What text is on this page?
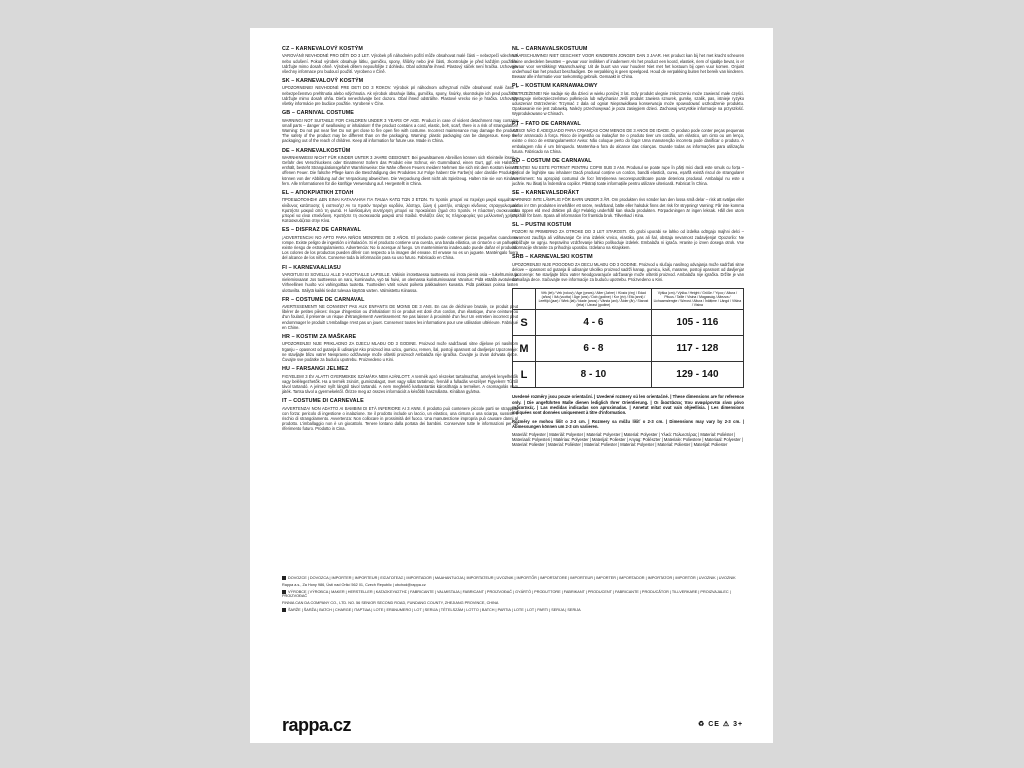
CZ – KARNEVALOVÝ KOSTÝM

VAROVÁNÍ! NEVHODNÉ PRO DĚTI DO 3 LET. Výrobek při náhodném požití může obsahovat malé části – nebezpečí vdechnutí nebo udušení. Pokud výrobek obsahuje látku, gumičku, spony, šňůrky nebo jiné části, zkontrolujte je před každým použitím. Udržujte mimo dosah ohně. Výrobek dětem nepouštějte z dohledu. Obal odstraňte ihned. Plastový sáček není hračka. Uchovejte všechny informace pro budoucí použití. Vyrobeno v Číně.

SK – KARNEVALOVÝ KOSTÝM

UPOZORNENIE! NEVHODNÉ PRE DETI DO 3 ROKOV. Výrobok pri náhodnom odhryznutí môže obsahovať malé časti – nebezpečenstvo prehltnutia alebo vdýchnutia. Ak výrobok obsahuje látku, gumičku, spony, šnúrky, skontrolujte ich pred použitím. Udržujte mimo dosah ohňa. Dieťa nenechávajte bez dozoru. Obal ihneď odstráňte. Plastové vrecko nie je hračka. Uchovajte všetky informácie pre budúce použitie. Vyrobené v Číne.

GB – CARNIVAL COSTUME

WARNING! NOT SUITABLE FOR CHILDREN UNDER 3 YEARS OF AGE. Product in case of violent detachment may contains small parts – danger of swallowing or inhalation! If the product contains a cord, elastic, belt, scarf, there is a risk of strangulation! Warning: Do not put near fire! Do not get close to fire open fire with costume. Incorrect maintenance may damage the product! The safety of the product may be different than on the packaging. Warning: plastic packaging can be dangerous. Keep the packaging out of the reach of children. Keep all information for future use. Made in China.

DE – KARNEVALKOSTÜM

WARNHINWEIS! NICHT FÜR KINDER UNTER 3 JAHRE GEEIGNET. Bei gewaltsamem Abreißen können sich Kleinteile lösen – Gefahr des Verschluckens oder Einatmens! Sofern das Produkt eine Schnur, ein Gummiband, einen Gurt, ggf. ein Halstuch enthält, besteht Strangulationsgefahr! Warnhinweise: Die Nähe offenen Feuers meiden! Nehmen Sie sich mit dem Kostüm keinem offenen Feuer. Die falsche Pflege kann die Beschädigung des Produktes zur Folge haben! Die Farbe(n) oder das/die Produkt(e) können von der Abbildung auf der Verpackung abweichen. Die Verpackung dient nicht als Spielzeug. Halten Sie sie von Kindern fern. Alle Informationen für die künftige Verwendung auf. Hergestellt in China.

EL – ΑΠΟΚΡΙΑΤΙΚΗ ΣΤΟΛΗ

ΠΡΟΕΙΔΟΠΟΙΗΣΗ! ΔΕΝ ΕΙΝΑΙ ΚΑΤΑΛΛΗΛΗ ΓΙΑ ΠΑΙΔΙΑ ΚΑΤΩ ΤΩΝ 3 ΕΤΩΝ. Το προϊόν μπορεί να περιέχει μικρά κομμάτια – κίνδυνος κατάποσης ή εισπνοής! Αν το προϊόν περιέχει κορδόνι, λάστιχο, ζώνη ή μαντήλι, υπάρχει κίνδυνος στραγγαλισμού! Κρατήστε μακριά από τη φωτιά. Η λανθασμένη συντήρηση μπορεί να προκαλέσει ζημιά στο προϊόν. Η πλαστική συσκευασία μπορεί να είναι επικίνδυνη. Κρατήστε τη συσκευασία μακριά από παιδιά. Φυλάξτε όλες τις πληροφορίες για μελλοντική χρήση. Κατασκευάζεται στην Κίνα.

ES – DISFRAZ DE CARNAVAL

¡ADVERTENCIA! NO APTO PARA NIÑOS MENORES DE 3 AÑOS. El producto puede contener piezas pequeñas cuando se rompe. Existe peligro de ingestión o inhalación. Si el producto contiene una cuerda, una banda elástica, un cinturón o un pañuelo, existe riesgo de estrangulamiento. Advertencia: No lo acerque al fuego. Un mantenimiento inadecuado puede dañar el producto. Los colores de los productos pueden diferir con respecto a la imagen del envase. El envase no es un juguete. Manténgalo fuera del alcance de los niños. Conserve toda la información para su uso futuro. Fabricado en China.

FI – KARNEVAALIASU

VAROITUS! EI SOVELLU ALLE 3-VUOTIAILLE LAPSILLE. Väkisin irrotettaessa tuotteesta voi irrota pieniä osia – tukehtumis- ja nielemisvaara! Jos tuotteessa on naru, kuminauha, vyö tai huivi, on olemassa kuristumisvaara! Varoitus: Pidä etäällä avotulesta! Virheellinen huolto voi vahingoittaa tuotetta. Tuotteiden värit voivat poiketa pakkauksen kuvasta. Pidä pakkaus poissa lasten ulottuvilta. Säilytä kaikki tiedot tulevaa käyttöä varten. Valmistettu Kiinassa.

FR – COSTUME DE CARNAVAL

AVERTISSEMENT! NE CONVIENT PAS AUX ENFANTS DE MOINS DE 3 ANS. En cas de déchirure brutale, ce produit peut libérer de petites pièces: risque d'ingestion ou d'inhalation! Si ce produit est doté d'un cordon, d'un élastique, d'une ceinture ou d'un foulard, il présente un risque d'étranglement! Avertissement: Ne pas laisser à proximité d'un feu! Un entretien incorrect peut endommager le produit! L'emballage n'est pas un jouet. Conservez toutes les informations pour une utilisation ultérieure. Fabriqué en Chine.

HR – KOSTIM ZA MAŠKARE

UPOZORENJE! NIJE PRIKLADNO ZA DJECU MLAĐU OD 3 GODINE. Proizvod može sadržavati sitne dijelove pri nasilnom trganju – opasnost od gutanja ili udisanja! Ako proizvod ima uzicu, gumicu, remen, šal, postoji opasnost od davljenja! Upozorenje: ne stavljajte blizu vatre! Neispravno održavanje može oštetiti proizvod! Ambalaža nije igračka. Čuvajte ju izvan dohvata djece. Čuvajte sve podatke za buduću upotrebu. Proizvedeno u Kini.

HU – FARSANGI JELMEZ

FIGYELEM! 3 ÉV ALATTI GYERMEKEK SZÁMÁRA NEM AJÁNLOTT. A termék apró részeket tartalmazhat, amelyek lenyelhetők vagy belélegezhetők. Ha a termék zsinórt, gumiszalagot, övet vagy sálat tartalmaz, fennáll a fulladás veszélye! Figyelem! Tűztől távol tartandó. A jelmez nyílt lángtól távol tartandó. A nem megfelelő karbantartás károsíthatja a terméket. A csomagolás nem játék. Tartsa távol a gyermekektől. Őrizze meg az összes információt a későbbi használatra. Kínában gyártva.

IT – COSTUME DI CARNEVALE

AVVERTENZA! NON ADATTO AI BAMBINI DI ETÀ INFERIORE AI 3 ANNI. Il prodotto può contenere piccole parti se strappato con forza: pericolo di ingestione o inalazione. Se il prodotto include un laccio, un elastico, una cintura o una sciarpa, sussiste il rischio di strangolamento. Avvertenza: Non collocare in prossimità del fuoco. Una manutenzione impropria può causare danni al prodotto. L'imballaggio non è un giocattolo. Tenere lontano dalla portata dei bambini. Conservare tutte le informazioni per un riferimento futuro. Prodotto in Cina.

NL – CARNAVALSKOSTUUM

WAARSCHUWING! NIET GESCHIKT VOOR KINDEREN JONGER DAN 3 JAAR. Het product kan bij het met kracht scheuren kleine onderdelen bevatten – gevaar voor inslikken of inademen! Als het product een koord, elastiek, riem of sjaaltje bevat, is er gevaar voor verstikking! Waarschuwing: Uit de buurt van vuur houden! Niet met het kostuum bij open vuur komen. Onjuist onderhoud kan het product beschadigen. De verpakking is geen speelgoed. Houd de verpakking buiten het bereik van kinderen. Bewaar alle informatie voor toekomstig gebruik. Gemaakt in China.

PL – KOSTIUM KARNAWAŁOWY

OSTRZEŻENIE! Nie nadaje się dla dzieci w wieku poniżej 3 lat. Gdy produkt ulegnie zniszczeniu może zawierać małe części. Wystąpuje niebezpieczeństwo połknięcia lub wdychania! Jeśli produkt zawiera sznurek, gumkę, szalik, pas, istnieje ryzyko uduszenia! Ostrzeżenie: Trzymać z dala od ognia! Nieprawidłowa konserwacja może spowodować uszkodzenie produktu. Opakowanie nie jest zabawką. Należy przechowywać je poza zasięgiem dzieci. Zachowaj wszystkie informacje na przyszłość. Wyprodukowano w Chinach.

PT – FATO DE CARNAVAL

AVISO! NÃO É ADEQUADO PARA CRIANÇAS COM MENOS DE 3 ANOS DE IDADE. O produto pode conter peças pequenas se for arrancado à força. Risco de ingestão ou inalação! Se o produto tiver um cordão, um elástico, um cinto ou um lenço, existe o risco de estrangulamento! Aviso: Não coloque perto do fogo! Uma manutenção incorreta pode danificar o produto. A embalagem não é um brinquedo. Mantenha-a fora do alcance das crianças. Guarde todas as informações para utilização futura. Fabricado na China.

RO – COSTUM DE CARNAVAL

ATENȚIE! NU ESTE POTRIVIT PENTRU COPIII SUB 3 ANI. Produsul se poate rupe în părți mici dacă este smuls cu forța – pericol de înghițire sau inhalare! Dacă produsul conține un cordon, bandă elastică, curea, eșarfă există riscul de strangulare! Avertisment: Nu apropiați costumul de foc! Întreținerea necorespunzătoare poate deteriora produsul. Ambalajul nu este o jucărie. Nu lăsați la îndemâna copiilor. Păstrați toate informațiile pentru utilizare ulterioară. Fabricat în China.

SE – KARNEVALSDRÄKT

VARNING! INTE LÄMPLIG FÖR BARN UNDER 3 ÅR. Om produkten rivs sönder kan den lossa små delar – risk att sväljas eller andas in! Om produkten innehåller ett snöre, resårband, bälte eller halsduk finns det risk för strypning! Varning: Får inte komma nära öppen eld med dräkten på dig! Felaktig underhåll kan skada produkten. Förpackningen är ingen leksak. Håll den utom räckhåll för barn. Spara all information för framtida bruk. Tillverkad i Kina.

SL – PUSTNI KOSTUM

POZOR! NI PRIMERNO ZA OTROKE DO 3 LET STAROSTI. Ob grobi uporabi se lahko od izdelka odtrgajo majhni delci – nevarnost zaužitja ali vdihavanja! Če ima izdelek vrvico, elastiko, pas ali šal, obstaja nevarnost zadavljenja! Opozorilo: Ne približujte se ognju. Nepravilno vzdrževanje lahko poškoduje izdelek. Embalaža ni igrača. Hranite jo izven dosega otrok. Vse informacije shranite za prihodnjo uporabo. Izdelano na Kitajskem.

SRB – KARNEVALSKI KOSTIM

UPOZORENJE! NIJE POGODNO ZA DECU MLAĐU OD 3 GODINE. Proizvod u slučaju nasilnog odvajanja može sadržati sitne delove – opasnost od gutanja ili udisanja! Ukoliko proizvod sadrži kanap, gumicu, kaiš, marame, postoji opasnost od davljenja! Upozorenje: Ne stavljajte blizu vatre! Neodgovarajuće održavanje može oštetiti proizvod. Ambalaža nije igračka. Držite je van domašaja dece. Sačuvajte sve informacije za buduću upotrebu. Proizvedeno u Kini.

	Věk (let) / Vek (rokov) / Age (years) / Alter (Jahre) / Ηλικία (έτη) / Edad (años) / Ikä (vuotta) / Âge (ans) / Dob (godine) / Kor (év) / Età (anni) / Leeftijd (jaar) / Wiek (lat) / Idade (anos) / Vârsta (ani) / Ålder (år) / Starost (leta) / Uzrast (godine)	Výška (cm) / Výška / Height / Größe / Ύψος / Altura / Pituus / Taille / Visina / Magasság / Altezza / Lichaamslengte / Wzrost / Altura / Înălțime / Längd / Višina / Visina
S	4 - 6	105 - 116
M	6 - 8	117 - 128
L	8 - 10	129 - 140

Uvedené rozměry jsou pouze orientační. | Uvedené rozmery sú len orientačné. | These dimensions are for reference only. | Die angeführten Maße dienen lediglich Ihrer Orientierung. | Οι διαστάσεις που αναφέρονται είναι μόνο ενδεικτικές. | Las medidas indicadas son aproximadas. | Annetut mitat ovat vain ohjeellisia. | Les dimensions indiquées sont données uniquement à titre d'information.

Rozměry se mohou lišit o 2-3 cm. | Rozmery sa môžu líšiť o 2-3 cm. | Dimensions may vary by 2-3 cm. | Abmessungen können um 2-3 cm variieren.

Materiál: Polyester | Materiál: Polyester | Material: Polyester | Material: Polyester | Υλικό: Πολυεστέρας | Material: Poliéster | Materiaali: Polyesteri | Matériau: Polyester | Materijal: Poliester | Anyag: Poliészter | Materiale: Poliestere | Materiaal: Polyester | Materiał: Poliester | Material: Poliéster | Material: Poliester | Material: Polyester | Material: Poliester | Materijal: Poliester
DOVOZCE | DOVOZCA | IMPORTER | IMPORTEUR | ΕΙΣΑΓΩΓΕΑΣ | IMPORTADOR | MAAHANTUOJA | IMPORTATEUR | UVOZNIK | IMPORTŐR | IMPORTATORE | IMPORTEUR | IMPORTER | IMPORTADOR | IMPORTATOR | IMPORTÖR | UVOZNIK | UVOZNIK
Rappa a.s., Za Hony 986, Ústí nad Orlicí 562 01, Czech Republic | obchod@rappa.cz
VÝROBCE | VÝROBCA | MAKER | HERSTELLER | ΚΑΤΑΣΚΕΥΑΣΤΗΣ | FABRICANTE | VALMISTAJA | FABRICANT | PROIZVOĐAČ | GYÁRTÓ | PRODUTTORE | FABRIKANT | PRODUCENT | FABRICANTE | PRODUCĂTOR | TILLVERKARE | PROIZVAJALEC | PROIZVOĐAČ
FINNIA CAN DA COMPANY CO., LTD. NO. 56 SENIOR SECOND ROAD, FUNDANG COUNTY, ZHEJIANG PROVINCE, CHINA
ŠARŽE | ŠARŽA | BATCH | CHARGE | ΠΑΡΤΙΔΑ | LOTE | ERÄNUMERO | LOT | SERIJA | TÉTELSZÁM | LOTTO | BATCH | PARTIA | LOTE | LOT | PARTI | SERIJA | SERIJA
rappa.cz	♻ CE ⚠ 3+
